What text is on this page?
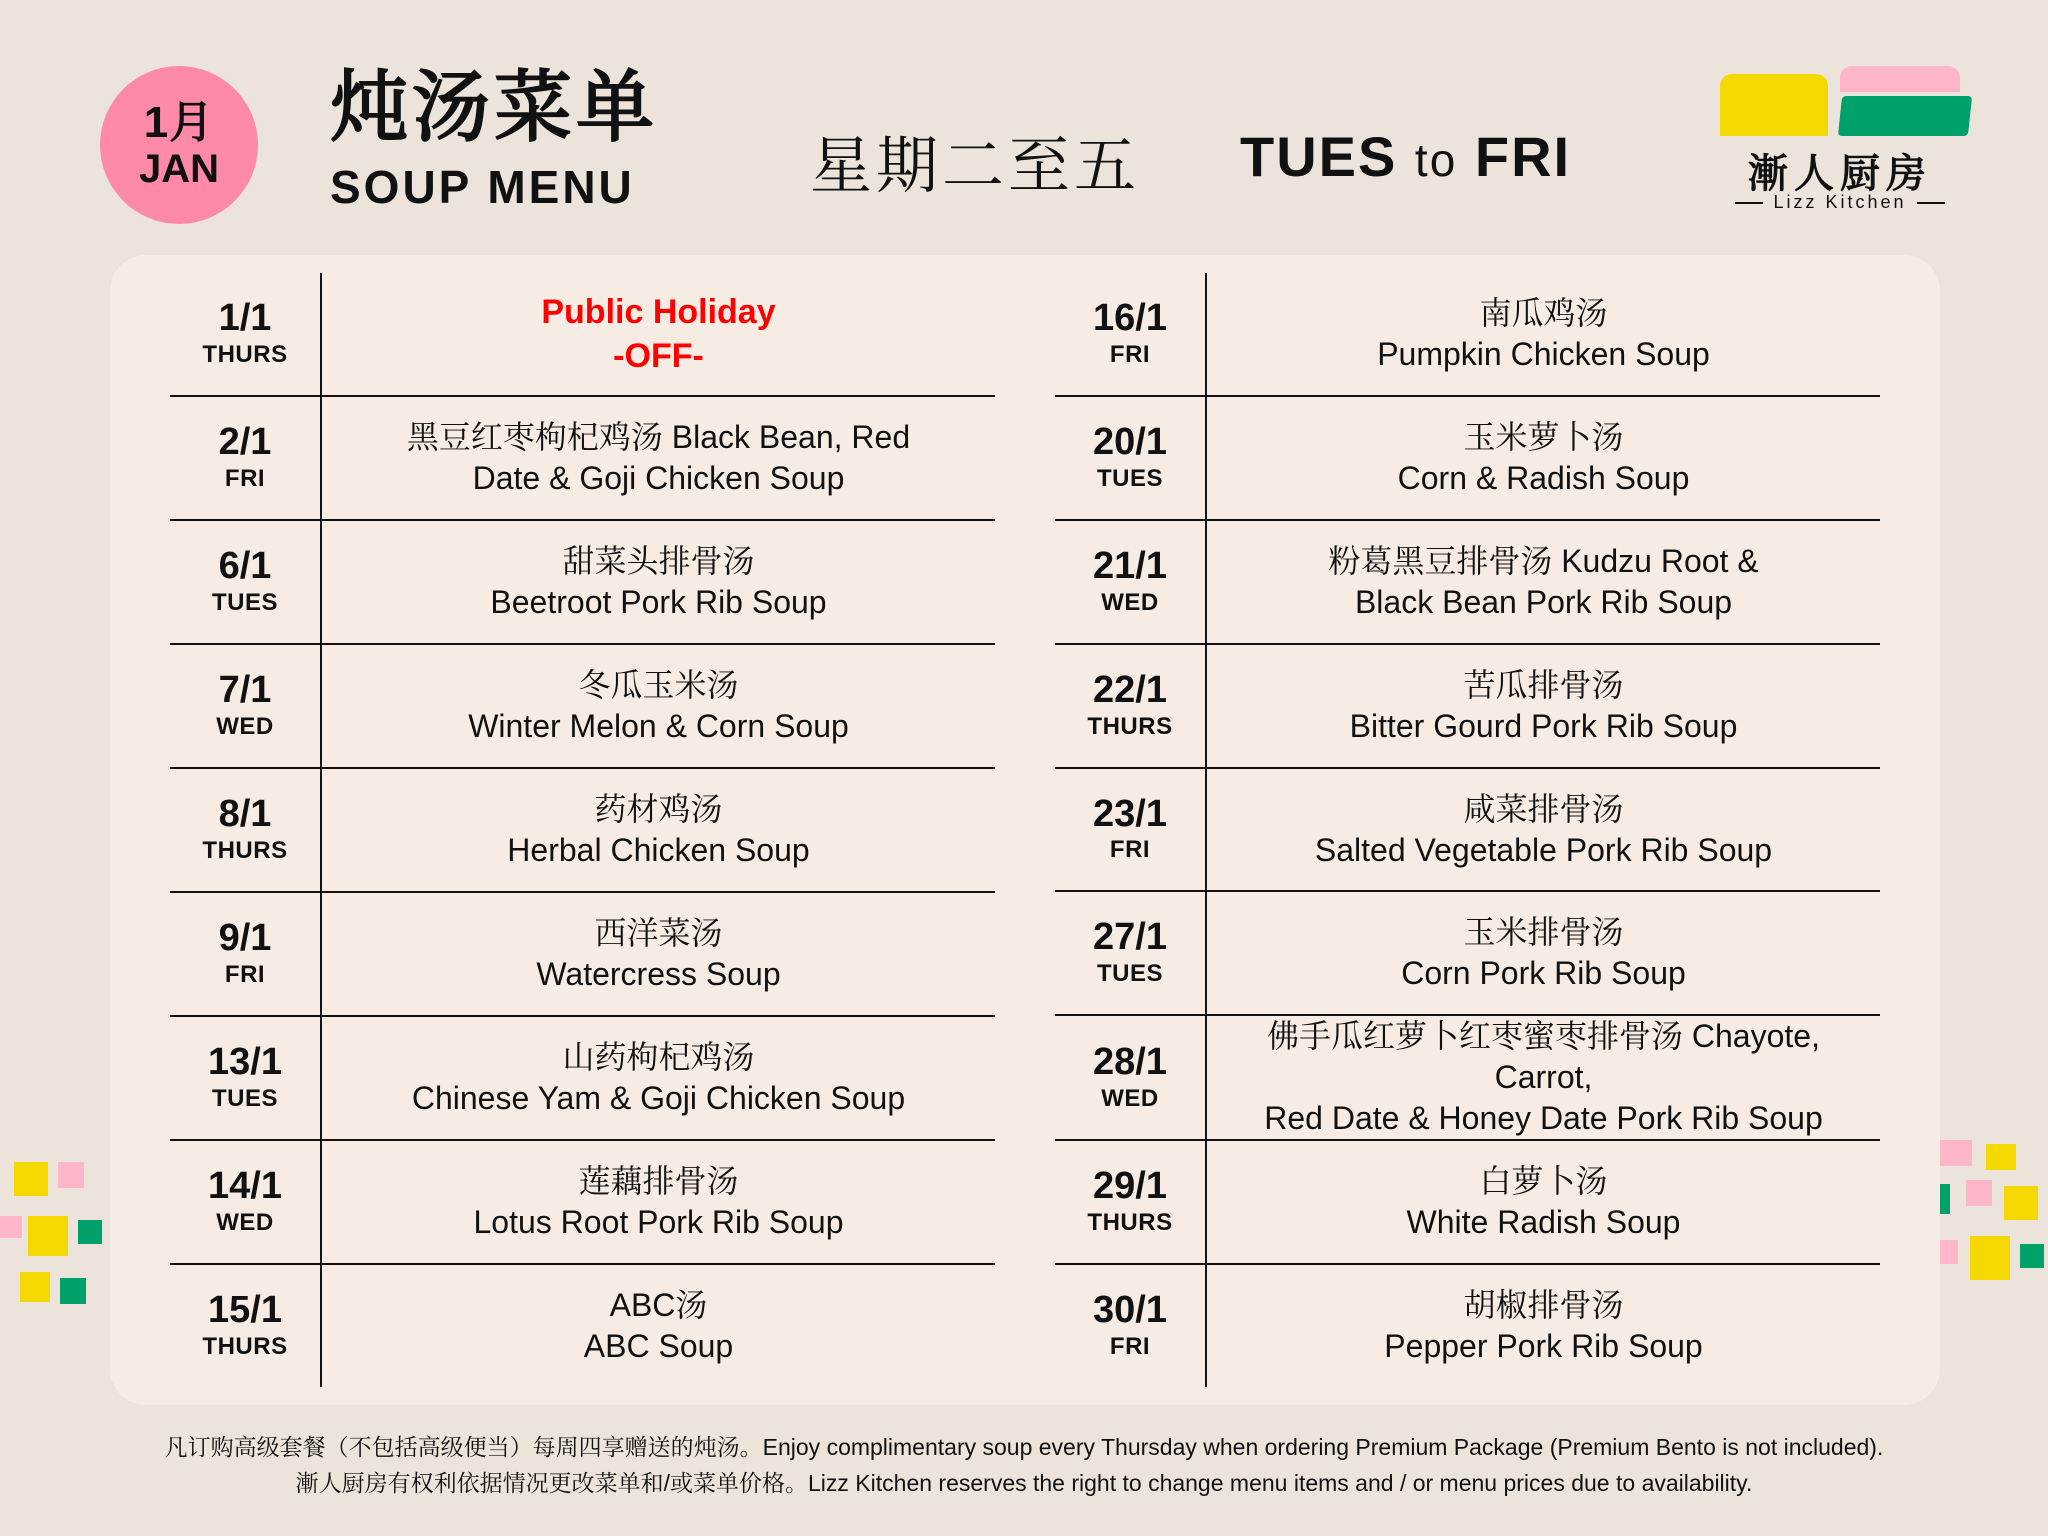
1月
JAN
炖汤菜单
SOUP MENU	星期二至五 TUES to FRI	漸人厨房
Lizz Kitchen
1/1
THURS
Public Holiday
-OFF-
2/1
FRI
黑豆红枣枸杞鸡汤 Black Bean, Red
Date & Goji Chicken Soup
6/1
TUES
甜菜头排骨汤
Beetroot Pork Rib Soup
7/1
WED
冬瓜玉米汤
Winter Melon & Corn Soup
8/1
THURS
药材鸡汤
Herbal Chicken Soup
9/1
FRI
西洋菜汤
Watercress Soup
13/1
TUES
山药枸杞鸡汤
Chinese Yam & Goji Chicken Soup
14/1
WED
莲藕排骨汤
Lotus Root Pork Rib Soup
15/1
THURS
ABC汤
ABC Soup
16/1
FRI
南瓜鸡汤
Pumpkin Chicken Soup
20/1
TUES
玉米萝卜汤
Corn & Radish Soup
21/1
WED
粉葛黑豆排骨汤 Kudzu Root &
Black Bean Pork Rib Soup
22/1
THURS
苦瓜排骨汤
Bitter Gourd Pork Rib Soup
23/1
FRI
咸菜排骨汤
Salted Vegetable Pork Rib Soup
27/1
TUES
玉米排骨汤
Corn Pork Rib Soup
28/1
WED
佛手瓜红萝卜红枣蜜枣排骨汤 Chayote, Carrot,
Red Date & Honey Date Pork Rib Soup
29/1
THURS
白萝卜汤
White Radish Soup
30/1
FRI
胡椒排骨汤
Pepper Pork Rib Soup
凡订购高级套餐（不包括高级便当）每周四享赠送的炖汤。Enjoy complimentary soup every Thursday when ordering Premium Package (Premium Bento is not included).
漸人厨房有权利依据情况更改菜单和/或菜单价格。Lizz Kitchen reserves the right to change menu items and / or menu prices due to availability.
